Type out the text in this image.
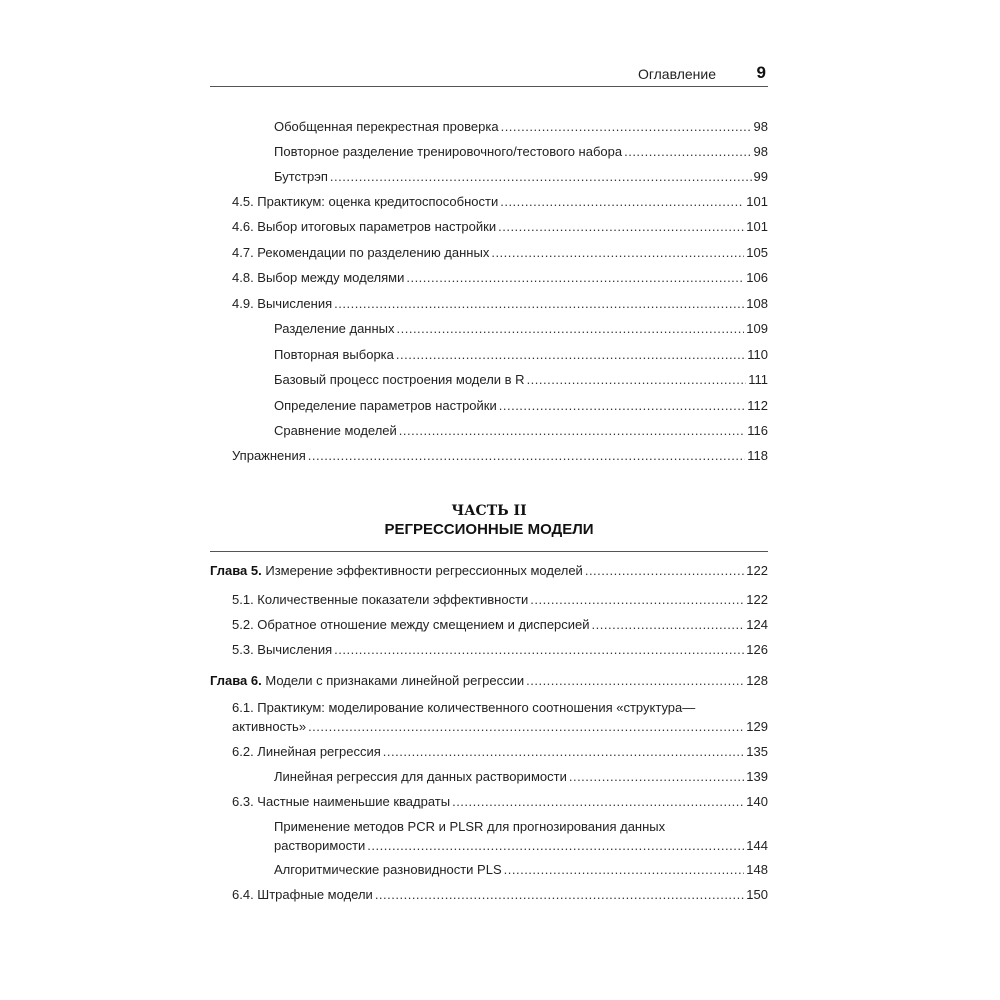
Оглавление 9
Обобщенная перекрестная проверка .....	98
Повторное разделение тренировочного/тестового набора .....	98
Бутстрэп .....	99
4.5. Практикум: оценка кредитоспособности .....	101
4.6. Выбор итоговых параметров настройки .....	101
4.7. Рекомендации по разделению данных .....	105
4.8. Выбор между моделями .....	106
4.9. Вычисления .....	108
Разделение данных .....	109
Повторная выборка .....	110
Базовый процесс построения модели в R .....	111
Определение параметров настройки .....	112
Сравнение моделей .....	116
Упражнения .....	118
ЧАСТЬ II
РЕГРЕССИОННЫЕ МОДЕЛИ
Глава 5. Измерение эффективности регрессионных моделей .....	122
5.1. Количественные показатели эффективности .....	122
5.2. Обратное отношение между смещением и дисперсией .....	124
5.3. Вычисления .....	126
Глава 6. Модели с признаками линейной регрессии .....	128
6.1. Практикум: моделирование количественного соотношения «структура—
активность» .....	129
6.2. Линейная регрессия .....	135
Линейная регрессия для данных растворимости .....	139
6.3. Частные наименьшие квадраты .....	140
Применение методов PCR и PLSR для прогнозирования данных
растворимости .....	144
Алгоритмические разновидности PLS .....	148
6.4. Штрафные модели .....	150
